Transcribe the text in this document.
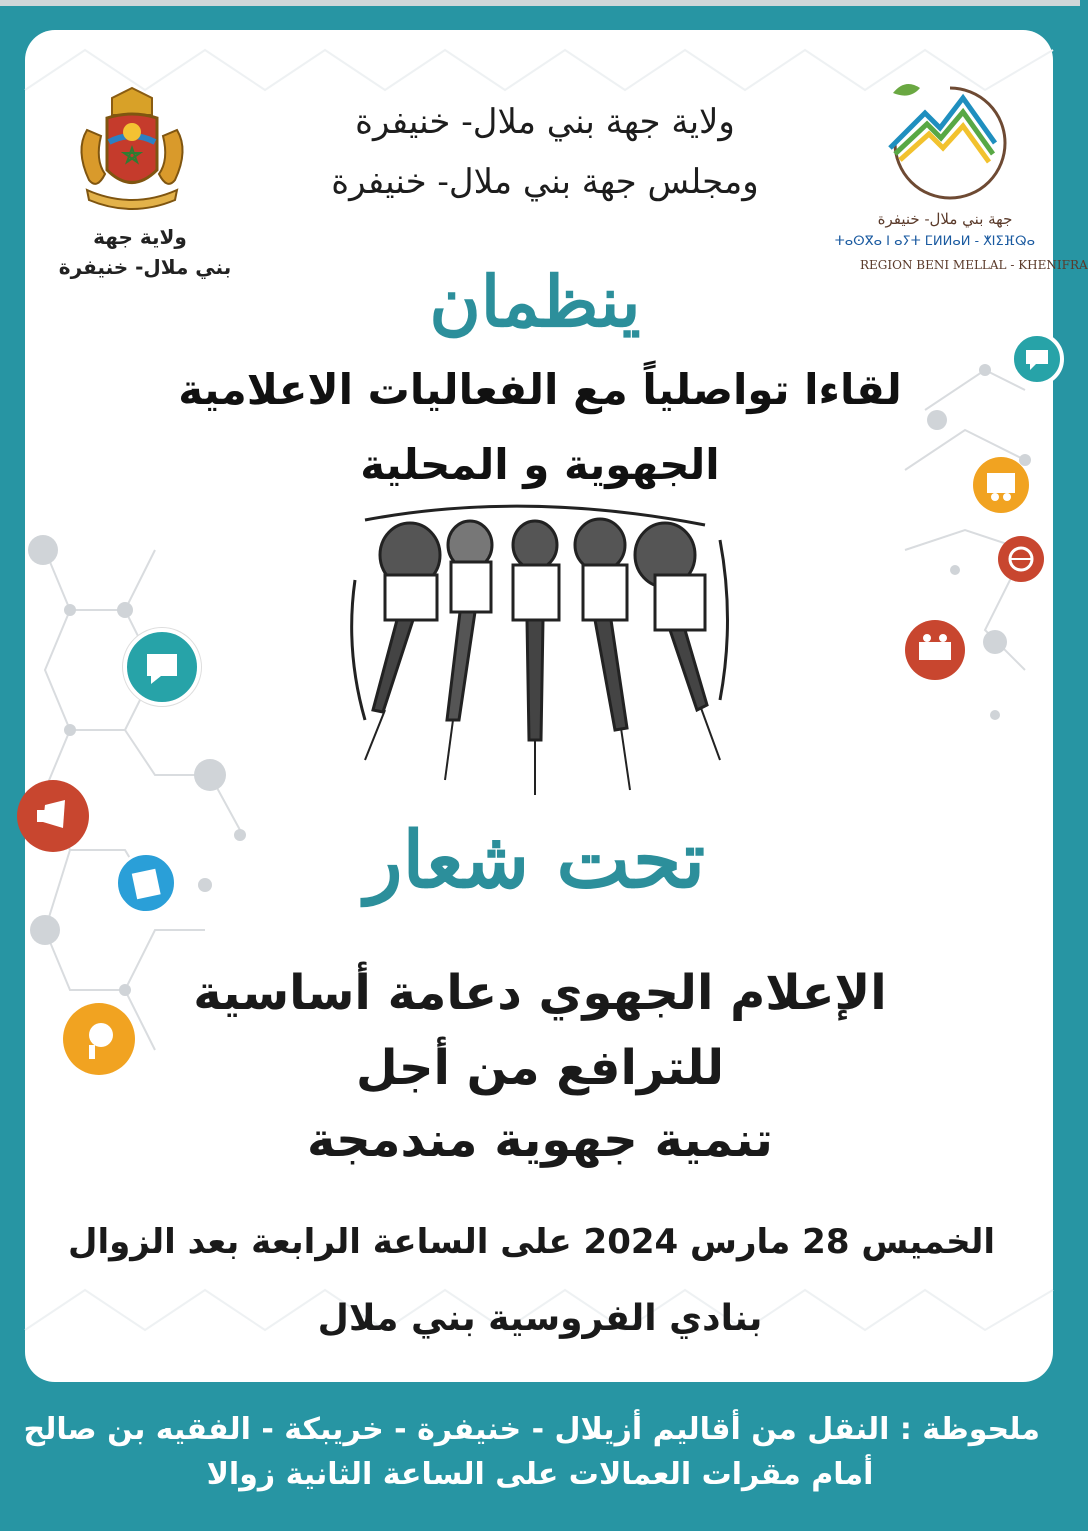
ولاية جهة
بني ملال- خنيفرة
ولاية جهة بني ملال- خنيفرة
ومجلس جهة بني ملال- خنيفرة
جهة بني ملال- خنيفرة
ⵜⴰⵙⴳⴰ ⵏ ⴰⵢⵜ ⵎⵍⵍⴰⵍ - ⵅⵏⵉⴼⵕⴰ
REGION BENI MELLAL - KHENIFRA
ينظمان
لقاءا تواصلياً مع الفعاليات الاعلامية
الجهوية و المحلية
تحت شعار
الإعلام الجهوي دعامة أساسية
للترافع من أجل
تنمية جهوية مندمجة
الخميس 28 مارس 2024 على الساعة الرابعة بعد الزوال
بنادي الفروسية بني ملال
ملحوظة : النقل من أقاليم أزيلال - خنيفرة - خريبكة - الفقيه بن صالح
أمام مقرات العمالات على الساعة الثانية زوالا
